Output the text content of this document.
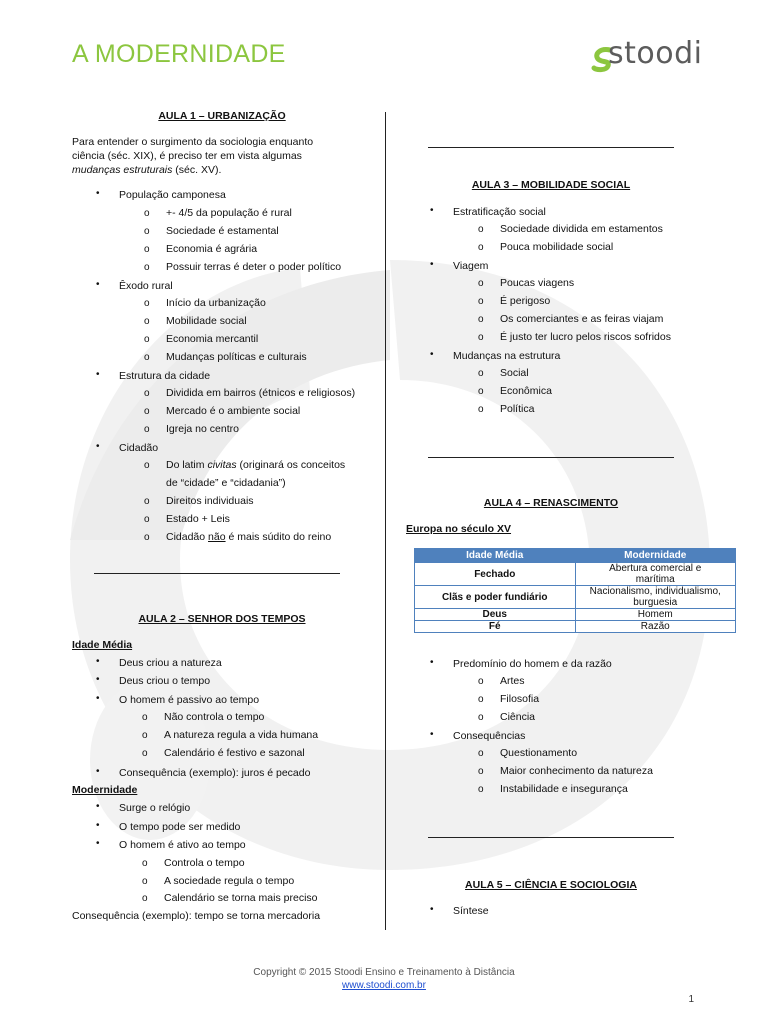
A MODERNIDADE	stoodi
AULA 1 – URBANIZAÇÃO
Para entender o surgimento da sociologia enquanto
ciência (séc. XIX), é preciso ter em vista algumas
mudanças estruturais (séc. XV).
• População camponesa
o +- 4/5 da população é rural
o Sociedade é estamental
o Economia é agrária
o Possuir terras é deter o poder político
• Êxodo rural
o Início da urbanização
o Mobilidade social
o Economia mercantil
o Mudanças políticas e culturais
• Estrutura da cidade
o Dividida em bairros (étnicos e religiosos)
o Mercado é o ambiente social
o Igreja no centro
• Cidadão
o Do latim civitas (originará os conceitos
de “cidade” e “cidadania”)
o Direitos individuais
o Estado + Leis
o Cidadão não é mais súdito do reino
AULA 2 – SENHOR DOS TEMPOS
Idade Média
• Deus criou a natureza
• Deus criou o tempo
• O homem é passivo ao tempo
o Não controla o tempo
o A natureza regula a vida humana
o Calendário é festivo e sazonal
• Consequência (exemplo): juros é pecado
Modernidade
• Surge o relógio
• O tempo pode ser medido
• O homem é ativo ao tempo
o Controla o tempo
o A sociedade regula o tempo
o Calendário se torna mais preciso
Consequência (exemplo): tempo se torna mercadoria
AULA 3 – MOBILIDADE SOCIAL
• Estratificação social
o Sociedade dividida em estamentos
o Pouca mobilidade social
• Viagem
o Poucas viagens
o É perigoso
o Os comerciantes e as feiras viajam
o É justo ter lucro pelos riscos sofridos
• Mudanças na estrutura
o Social
o Econômica
o Política
AULA 4 – RENASCIMENTO
Europa no século XV
Idade Média	Modernidade
Fechado	Abertura comercial e
marítima

Clãs e poder fundiário	Nacionalismo, individualismo,
burguesia

Deus	Homem
Fé	Razão
• Predomínio do homem e da razão
o Artes
o Filosofia
o Ciência
• Consequências
o Questionamento
o Maior conhecimento da natureza
o Instabilidade e insegurança
AULA 5 – CIÊNCIA E SOCIOLOGIA
• Síntese
Copyright © 2015 Stoodi Ensino e Treinamento à Distância
www.stoodi.com.br
1
